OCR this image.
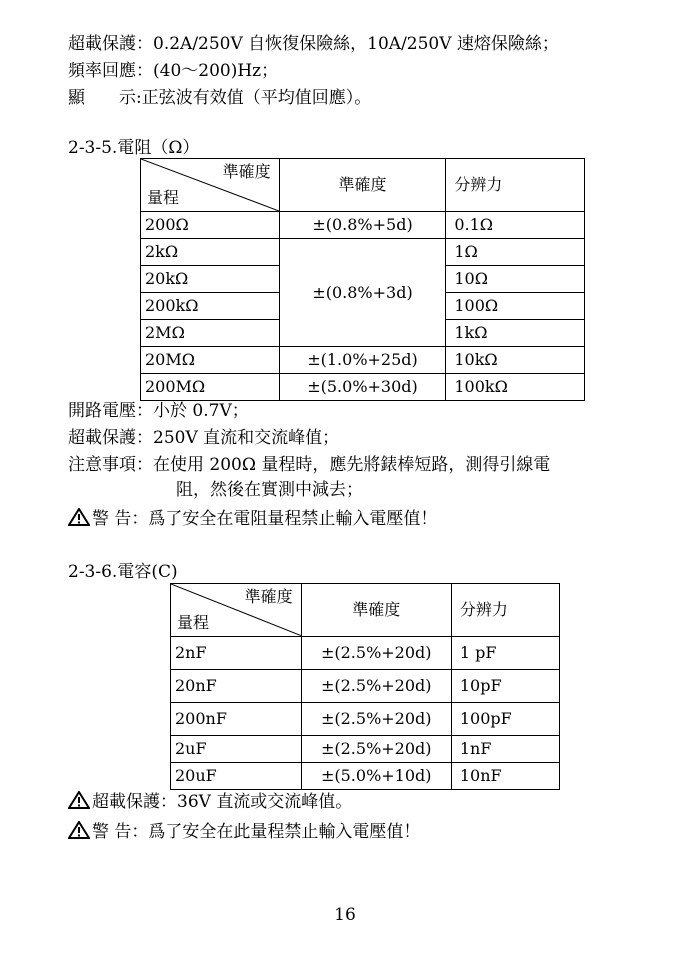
超載保護：0.2A/250V 自恢復保險絲，10A/250V 速熔保險絲；
頻率回應：(40～200)Hz；
顯　　示:正弦波有效值（平均值回應）。
2-3-5.電阻（Ω）
準確度
量程	準確度	分辨力
200Ω	±(0.8%+5d)	0.1Ω
2kΩ	±(0.8%+3d)	1Ω
20kΩ		10Ω
200kΩ		100Ω
2MΩ		1kΩ
20MΩ	±(1.0%+25d)	10kΩ
200MΩ	±(5.0%+30d)	100kΩ
開路電壓：小於 0.7V；
超載保護：250V 直流和交流峰值；
注意事項：在使用 200Ω 量程時，應先將錶棒短路，測得引線電
阻，然後在實測中減去；
警 告：爲了安全在電阻量程禁止輸入電壓值！
2-3-6.電容(C)
準確度
量程	準確度	分辨力
2nF	±(2.5%+20d)	1 pF
20nF	±(2.5%+20d)	10pF
200nF	±(2.5%+20d)	100pF
2uF	±(2.5%+20d)	1nF
20uF	±(5.0%+10d)	10nF
超載保護：36V 直流或交流峰值。
警 告：爲了安全在此量程禁止輸入電壓值！
16
